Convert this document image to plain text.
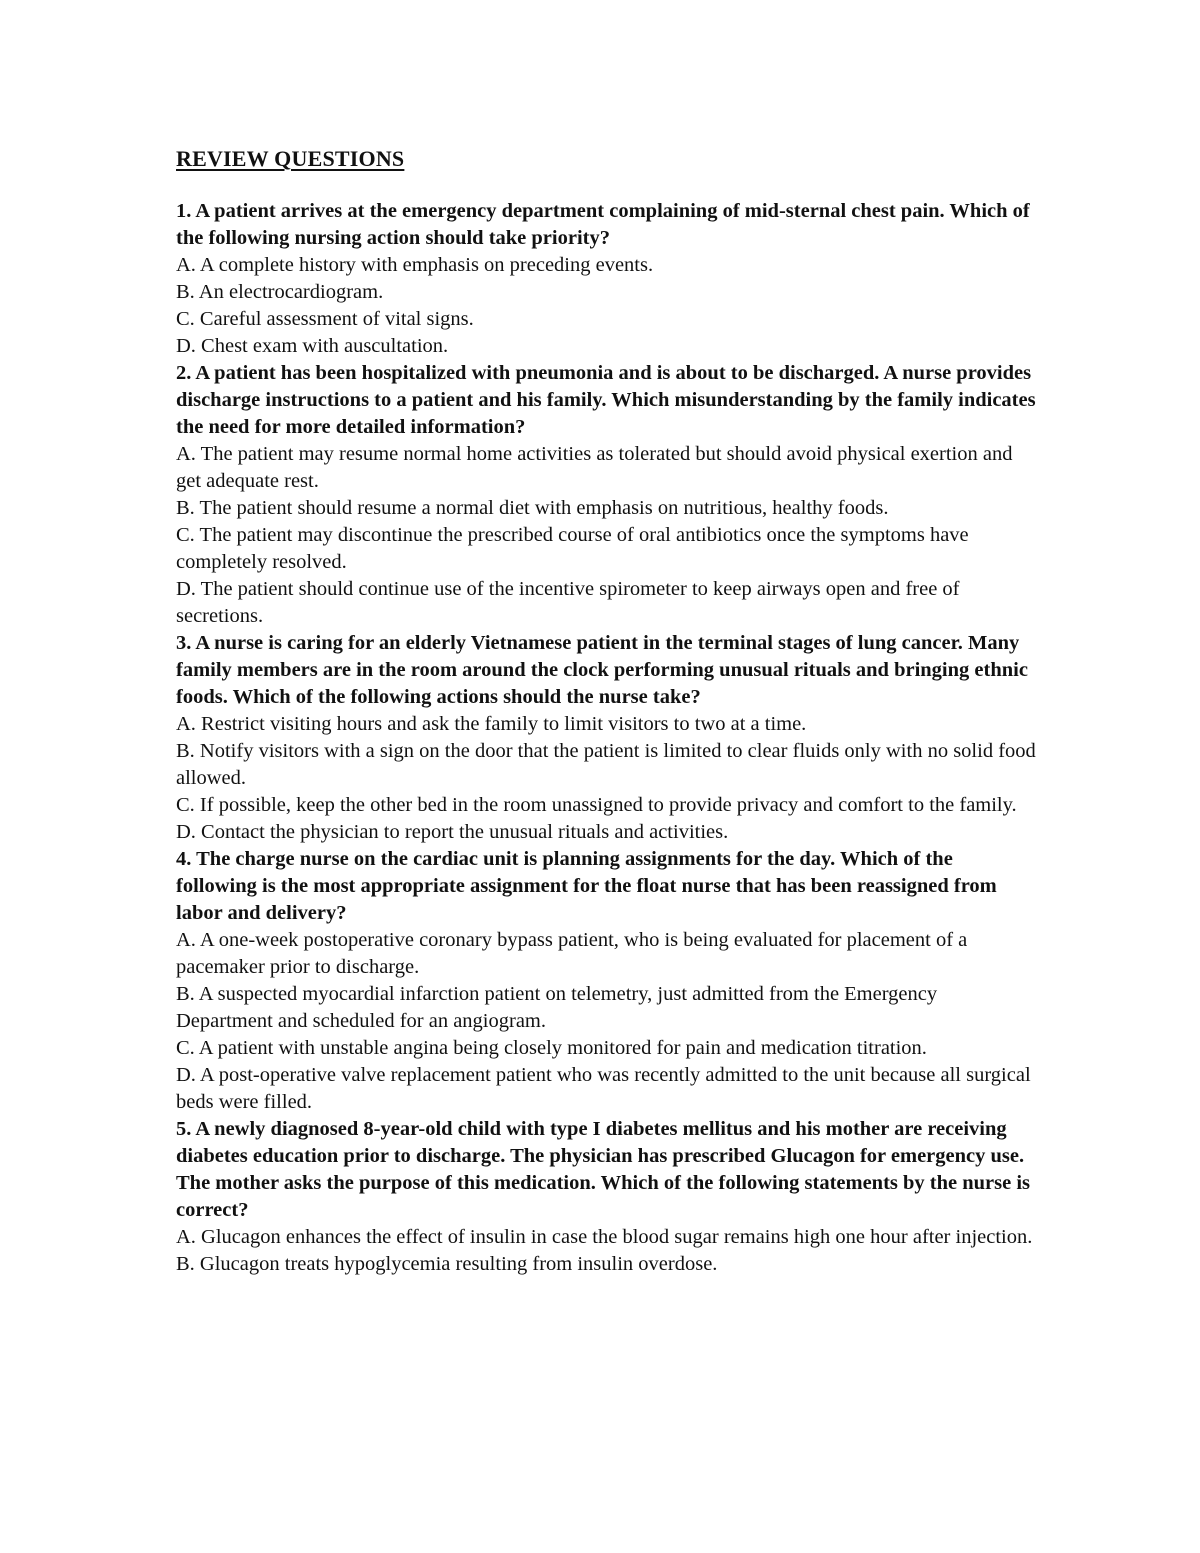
REVIEW QUESTIONS

1. A patient arrives at the emergency department complaining of mid-sternal chest pain. Which of the following nursing action should take priority?

A. A complete history with emphasis on preceding events.

B. An electrocardiogram.

C. Careful assessment of vital signs.

D. Chest exam with auscultation.

2. A patient has been hospitalized with pneumonia and is about to be discharged. A nurse provides discharge instructions to a patient and his family. Which misunderstanding by the family indicates the need for more detailed information?

A. The patient may resume normal home activities as tolerated but should avoid physical exertion and get adequate rest.

B. The patient should resume a normal diet with emphasis on nutritious, healthy foods.

C. The patient may discontinue the prescribed course of oral antibiotics once the symptoms have completely resolved.

D. The patient should continue use of the incentive spirometer to keep airways open and free of secretions.

3. A nurse is caring for an elderly Vietnamese patient in the terminal stages of lung cancer. Many family members are in the room around the clock performing unusual rituals and bringing ethnic foods. Which of the following actions should the nurse take?

A. Restrict visiting hours and ask the family to limit visitors to two at a time.

B. Notify visitors with a sign on the door that the patient is limited to clear fluids only with no solid food allowed.

C. If possible, keep the other bed in the room unassigned to provide privacy and comfort to the family.

D. Contact the physician to report the unusual rituals and activities.

4. The charge nurse on the cardiac unit is planning assignments for the day. Which of the following is the most appropriate assignment for the float nurse that has been reassigned from labor and delivery?

A. A one-week postoperative coronary bypass patient, who is being evaluated for placement of a pacemaker prior to discharge.

B. A suspected myocardial infarction patient on telemetry, just admitted from the Emergency Department and scheduled for an angiogram.

C. A patient with unstable angina being closely monitored for pain and medication titration.

D. A post-operative valve replacement patient who was recently admitted to the unit because all surgical beds were filled.

5. A newly diagnosed 8-year-old child with type I diabetes mellitus and his mother are receiving diabetes education prior to discharge. The physician has prescribed Glucagon for emergency use. The mother asks the purpose of this medication. Which of the following statements by the nurse is correct?

A. Glucagon enhances the effect of insulin in case the blood sugar remains high one hour after injection.

B. Glucagon treats hypoglycemia resulting from insulin overdose.
